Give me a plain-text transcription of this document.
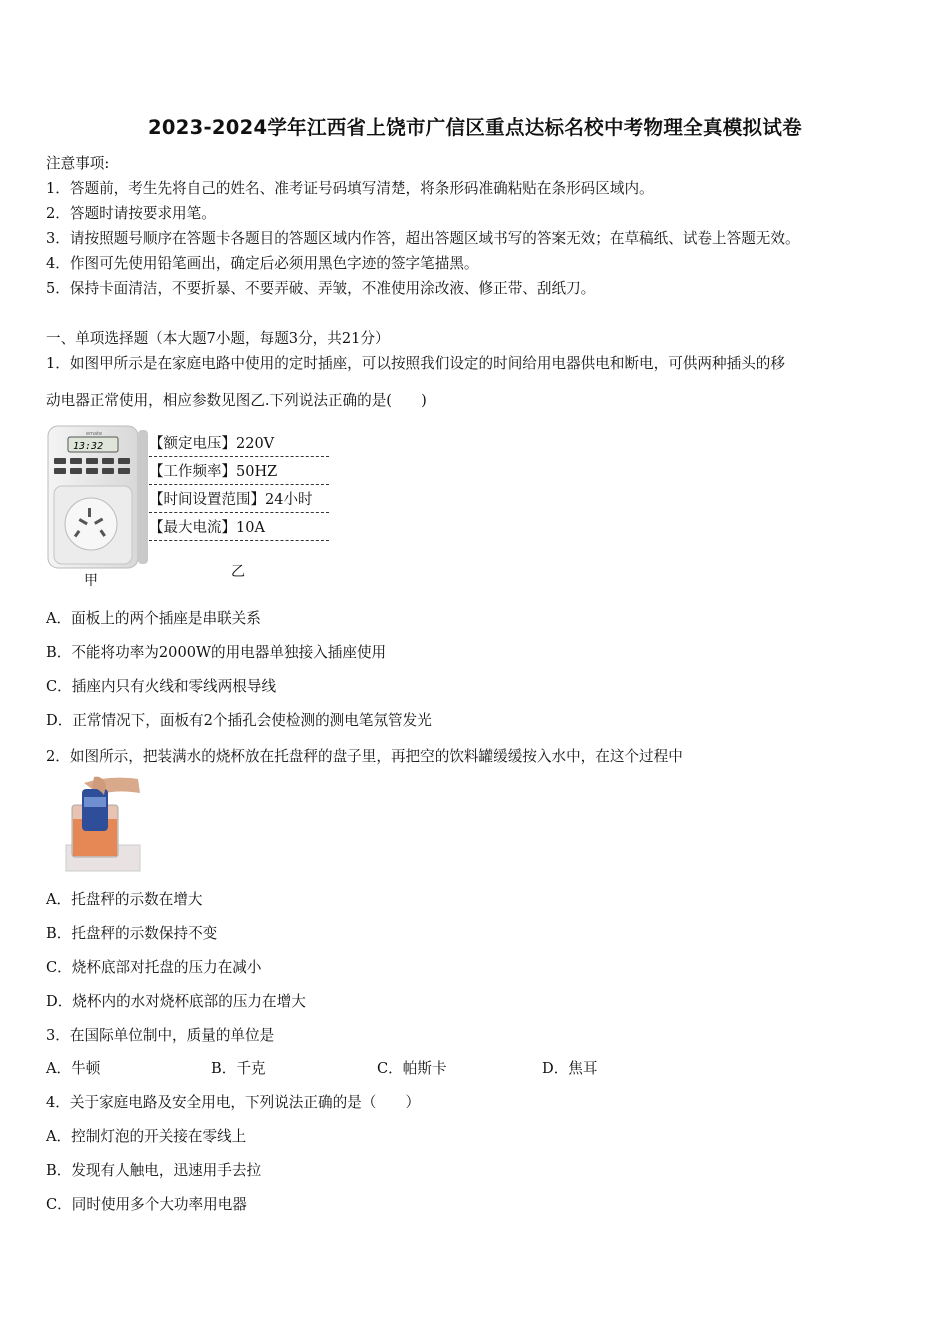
2023-2024学年江西省上饶市广信区重点达标名校中考物理全真模拟试卷
注意事项:
1．答题前，考生先将自己的姓名、准考证号码填写清楚，将条形码准确粘贴在条形码区域内。
2．答题时请按要求用笔。
3．请按照题号顺序在答题卡各题目的答题区域内作答，超出答题区域书写的答案无效；在草稿纸、试卷上答题无效。
4．作图可先使用铅笔画出，确定后必须用黑色字迹的签字笔描黑。
5．保持卡面清洁，不要折暴、不要弄破、弄皱，不准使用涂改液、修正带、刮纸刀。
一、单项选择题（本大题7小题，每题3分，共21分）
1．如图甲所示是在家庭电路中使用的定时插座，可以按照我们设定的时间给用电器供电和断电，可供两种插头的移
动电器正常使用，相应参数见图乙.下列说法正确的是(　　)
emate
13:32	【额定电压】220V
【工作频率】50HZ
【时间设置范围】24小时
【最大电流】10A
甲
乙
A．面板上的两个插座是串联关系
B．不能将功率为2000W的用电器单独接入插座使用
C．插座内只有火线和零线两根导线
D．正常情况下，面板有2个插孔会使检测的测电笔氖管发光
2．如图所示，把装满水的烧杯放在托盘秤的盘子里，再把空的饮料罐缓缓按入水中，在这个过程中
A．托盘秤的示数在增大
B．托盘秤的示数保持不变
C．烧杯底部对托盘的压力在减小
D．烧杯内的水对烧杯底部的压力在增大
3．在国际单位制中，质量的单位是
A．牛顿	B．千克	C．帕斯卡	D．焦耳
4．关于家庭电路及安全用电，下列说法正确的是（　　）
A．控制灯泡的开关接在零线上
B．发现有人触电，迅速用手去拉
C．同时使用多个大功率用电器
